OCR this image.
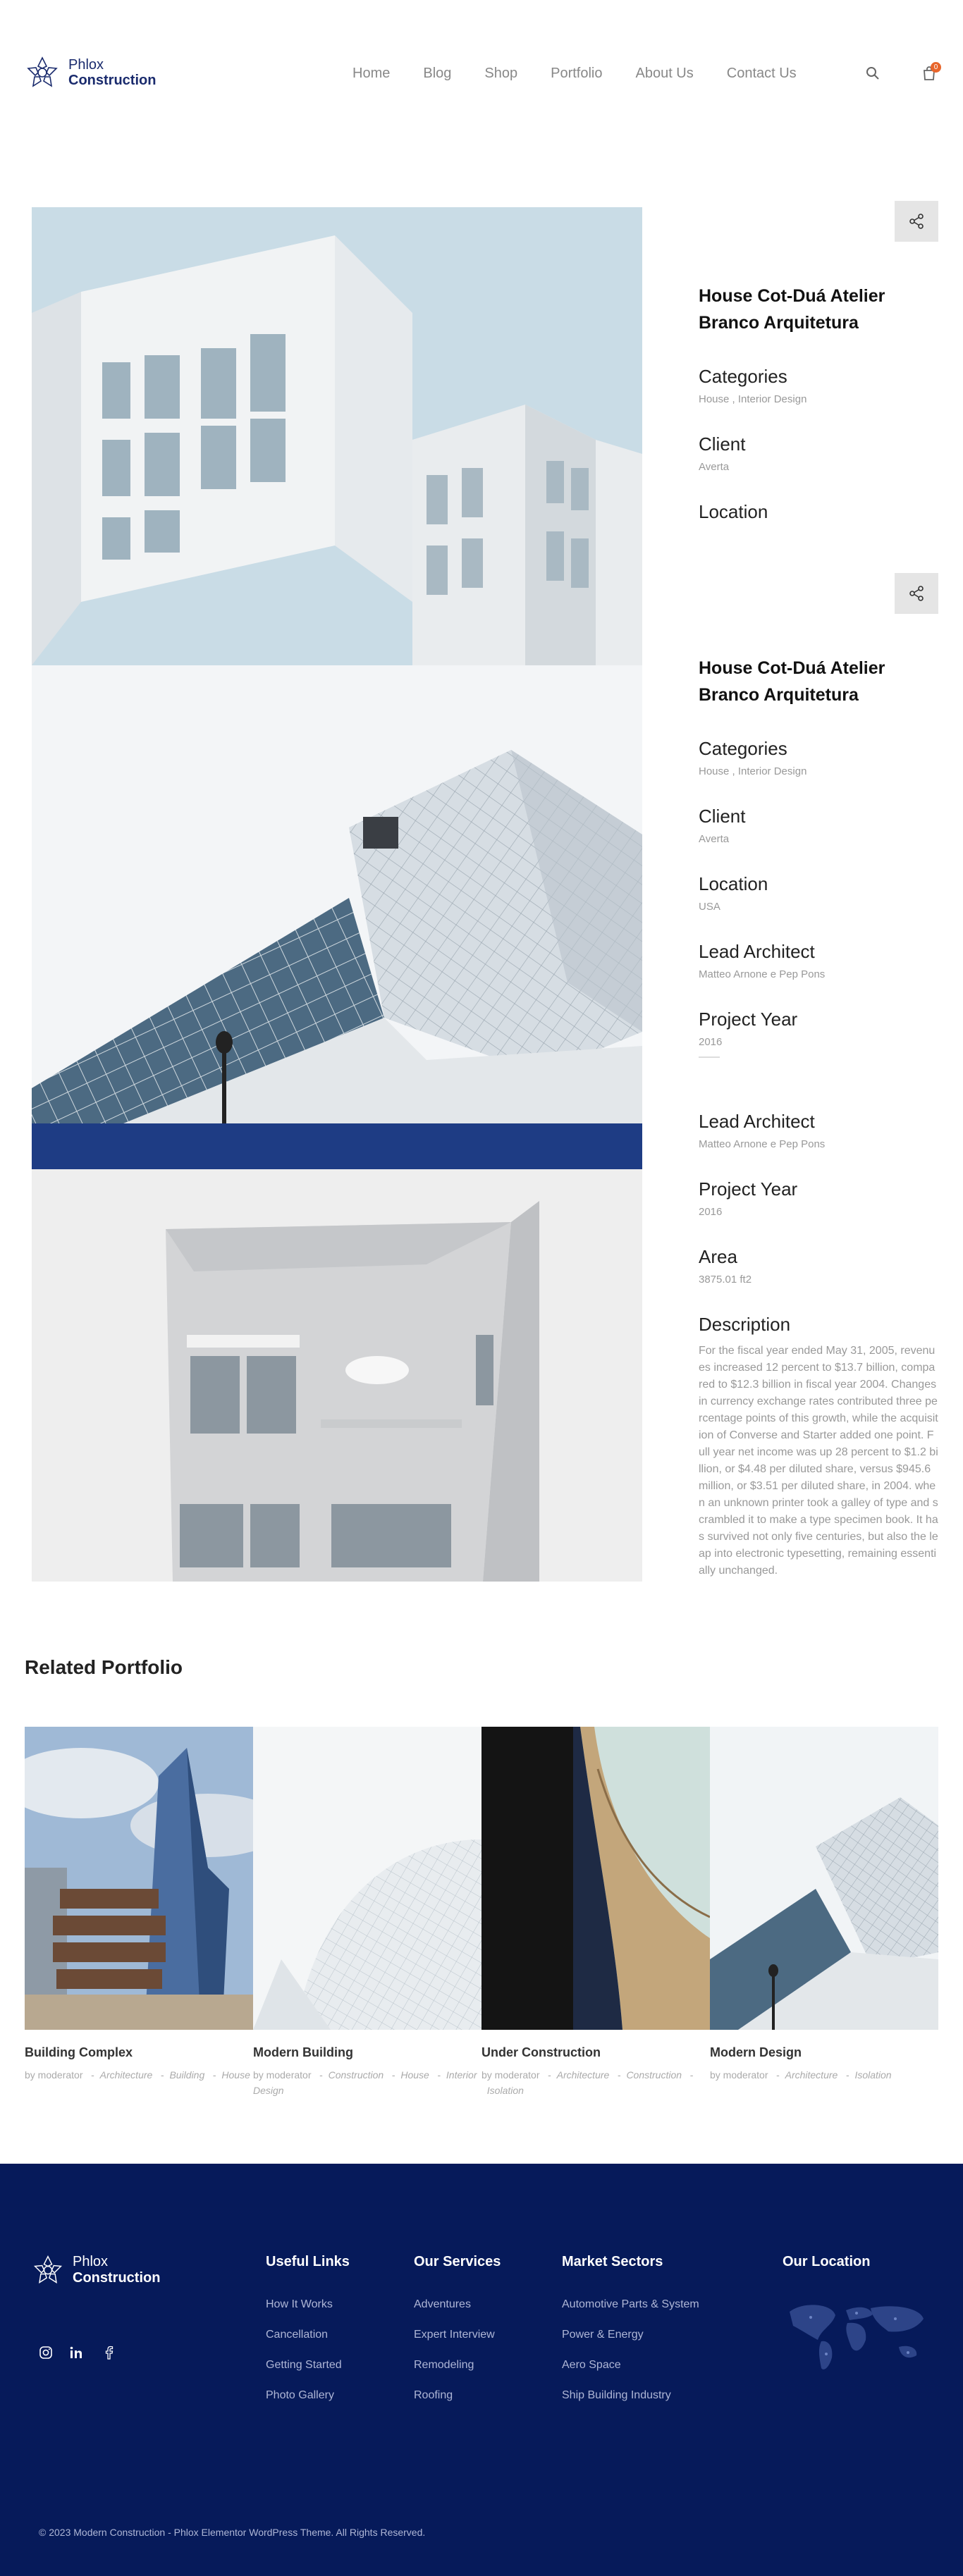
Phlox
Construction	Home Blog Shop Portfolio About Us Contact Us	0
House Cot-Duá Atelier Branco Arquitetura
Categories
House , Interior Design
Client
Averta
Location
House Cot-Duá Atelier Branco Arquitetura
Categories
House , Interior Design
Client
Averta
Location
USA
Lead Architect
Matteo Arnone e Pep Pons
Project Year
2016
Lead Architect
Matteo Arnone e Pep Pons
Project Year
2016
Area
3875.01 ft2
Description
For the fiscal year ended May 31, 2005, revenues increased 12 percent to $13.7 billion, compared to $12.3 billion in fiscal year 2004. Changes in currency exchange rates contributed three percentage points of this growth, while the acquisition of Converse and Starter added one point. Full year net income was up 28 percent to $1.2 billion, or $4.48 per diluted share, versus $945.6 million, or $3.51 per diluted share, in 2004. when an unknown printer took a galley of type and scrambled it to make a type specimen book. It has survived not only five centuries, but also the leap into electronic typesetting, remaining essentially unchanged.
Related Portfolio
Building Complex
by moderator   -  Architecture   -  Building   -  House
Modern Building
by moderator   -  Construction   -  House   -  Interior Design
Under Construction
by moderator   -  Architecture   -  Construction   -  Isolation
Modern Design
by moderator   -  Architecture   -  Isolation
Phlox
Construction
Useful Links
How It Works
Cancellation
Getting Started
Photo Gallery
Our Services
Adventures
Expert Interview
Remodeling
Roofing
Market Sectors
Automotive Parts & System
Power & Energy
Aero Space
Ship Building Industry
Our Location
© 2023 Modern Construction - Phlox Elementor WordPress Theme. All Rights Reserved.
